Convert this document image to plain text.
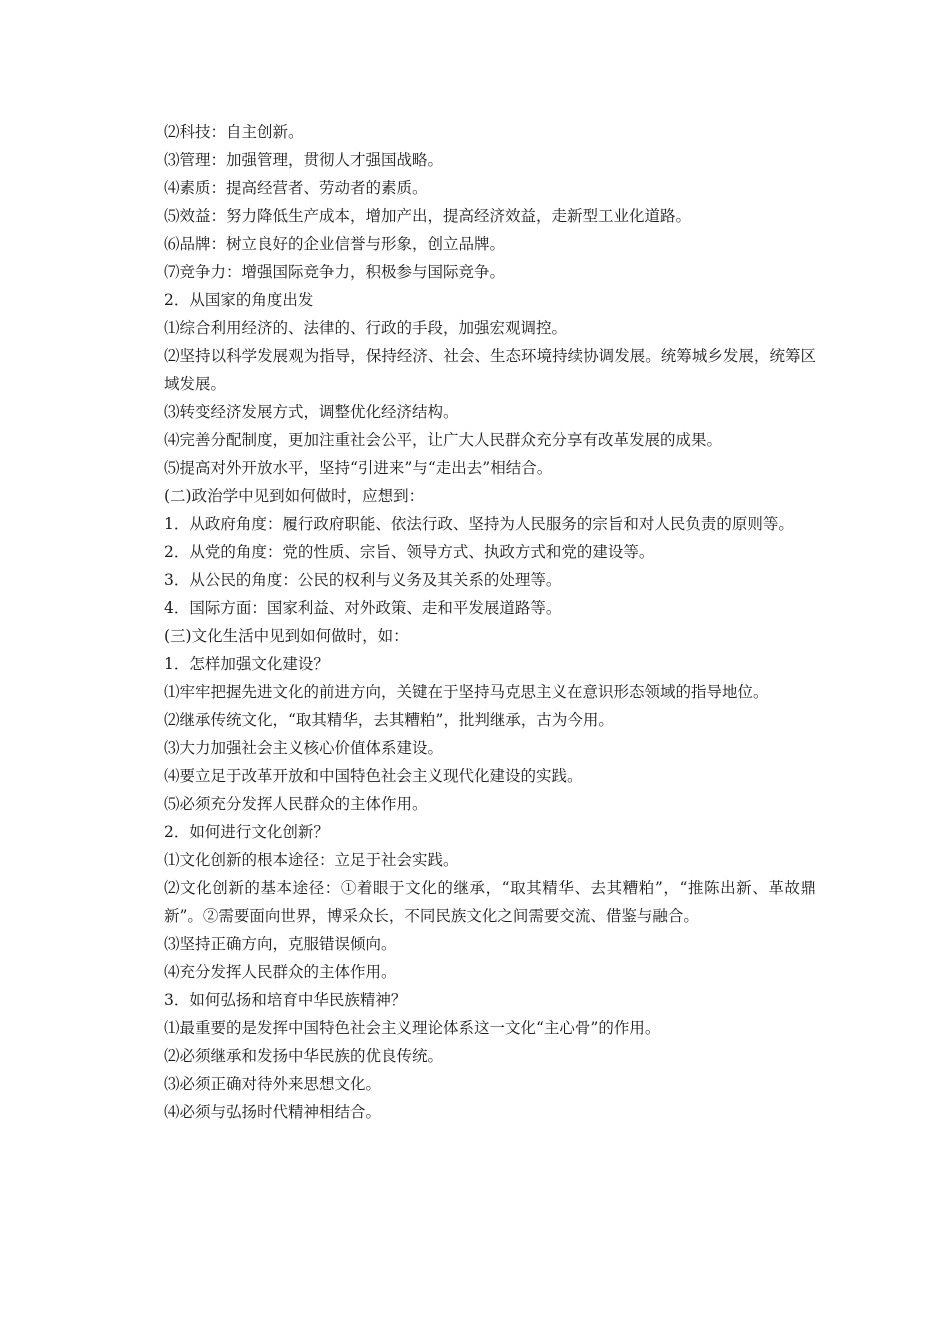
⑵科技：自主创新。

⑶管理：加强管理，贯彻人才强国战略。

⑷素质：提高经营者、劳动者的素质。

⑸效益：努力降低生产成本，增加产出，提高经济效益，走新型工业化道路。

⑹品牌：树立良好的企业信誉与形象，创立品牌。

⑺竞争力：增强国际竞争力，积极参与国际竞争。

2．从国家的角度出发

⑴综合利用经济的、法律的、行政的手段，加强宏观调控。

⑵坚持以科学发展观为指导，保持经济、社会、生态环境持续协调发展。统筹城乡发展，统筹区域发展。

⑶转变经济发展方式，调整优化经济结构。

⑷完善分配制度，更加注重社会公平，让广大人民群众充分享有改革发展的成果。

⑸提高对外开放水平，坚持“引进来”与“走出去”相结合。

(二)政治学中见到如何做时，应想到：

1．从政府角度：履行政府职能、依法行政、坚持为人民服务的宗旨和对人民负责的原则等。

2．从党的角度：党的性质、宗旨、领导方式、执政方式和党的建设等。

3．从公民的角度：公民的权利与义务及其关系的处理等。

4．国际方面：国家利益、对外政策、走和平发展道路等。

(三)文化生活中见到如何做时，如：

1．怎样加强文化建设？

⑴牢牢把握先进文化的前进方向，关键在于坚持马克思主义在意识形态领域的指导地位。

⑵继承传统文化，“取其精华，去其糟粕”，批判继承，古为今用。

⑶大力加强社会主义核心价值体系建设。

⑷要立足于改革开放和中国特色社会主义现代化建设的实践。

⑸必须充分发挥人民群众的主体作用。

2．如何进行文化创新？

⑴文化创新的根本途径：立足于社会实践。

⑵文化创新的基本途径：①着眼于文化的继承，“取其精华、去其糟粕”，“推陈出新、革故鼎新”。②需要面向世界，博采众长，不同民族文化之间需要交流、借鉴与融合。

⑶坚持正确方向，克服错误倾向。

⑷充分发挥人民群众的主体作用。

3．如何弘扬和培育中华民族精神？

⑴最重要的是发挥中国特色社会主义理论体系这一文化“主心骨”的作用。

⑵必须继承和发扬中华民族的优良传统。

⑶必须正确对待外来思想文化。

⑷必须与弘扬时代精神相结合。
